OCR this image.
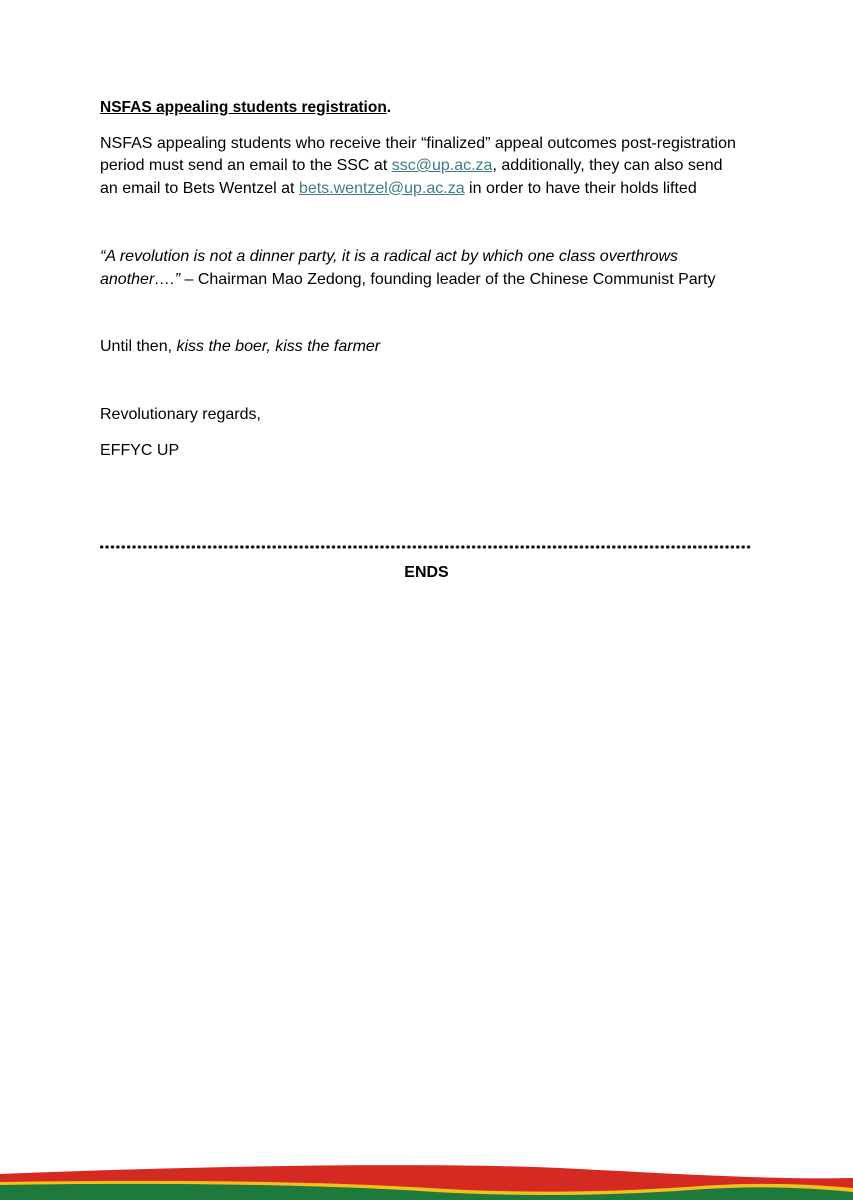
NSFAS appealing students registration.

NSFAS appealing students who receive their “finalized” appeal outcomes post-registration period must send an email to the SSC at ssc@up.ac.za, additionally, they can also send an email to Bets Wentzel at bets.wentzel@up.ac.za in order to have their holds lifted

“A revolution is not a dinner party, it is a radical act by which one class overthrows another….” – Chairman Mao Zedong, founding leader of the Chinese Communist Party

Until then, kiss the boer, kiss the farmer

Revolutionary regards,

EFFYC UP

ENDS
